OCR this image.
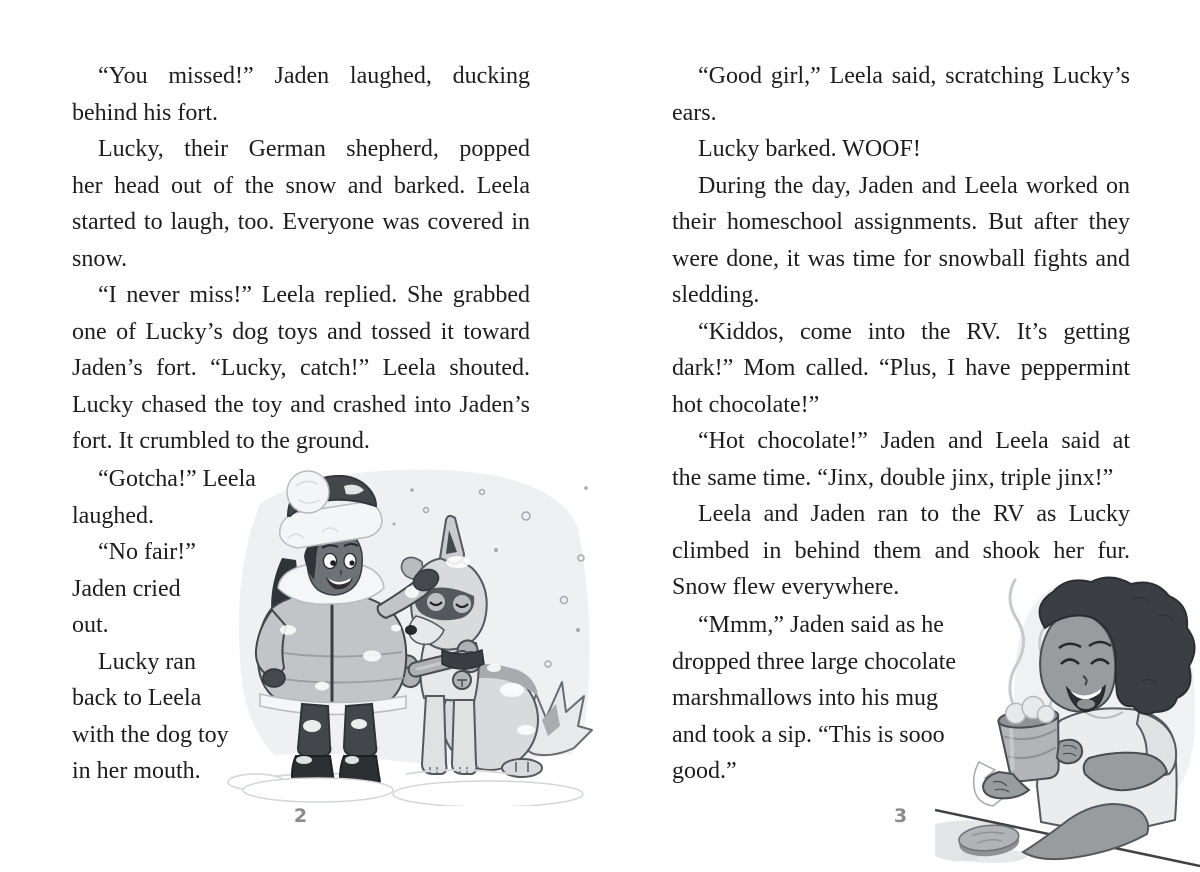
“You missed!” Jaden laughed, ducking
behind his fort.
Lucky, their German shepherd, popped
her head out of the snow and barked. Leela
started to laugh, too. Everyone was covered in
snow.
“I never miss!” Leela replied. She grabbed
one of Lucky’s dog toys and tossed it toward
Jaden’s fort. “Lucky, catch!” Leela shouted.
Lucky chased the toy and crashed into Jaden’s
fort. It crumbled to the ground.
“Gotcha!” Leela
laughed.
“No fair!”
Jaden cried
out.
Lucky ran
back to Leela
with the dog toy
in her mouth.
2
“Good girl,” Leela said, scratching Lucky’s
ears.
Lucky barked. WOOF!
During the day, Jaden and Leela worked on
their homeschool assignments. But after they
were done, it was time for snowball fights and
sledding.
“Kiddos, come into the RV. It’s getting
dark!” Mom called. “Plus, I have peppermint
hot chocolate!”
“Hot chocolate!” Jaden and Leela said at
the same time. “Jinx, double jinx, triple jinx!”
Leela and Jaden ran to the RV as Lucky
climbed in behind them and shook her fur.
Snow flew everywhere.
“Mmm,” Jaden said as he
dropped three large chocolate
marshmallows into his mug
and took a sip. “This is sooo
good.”
3
